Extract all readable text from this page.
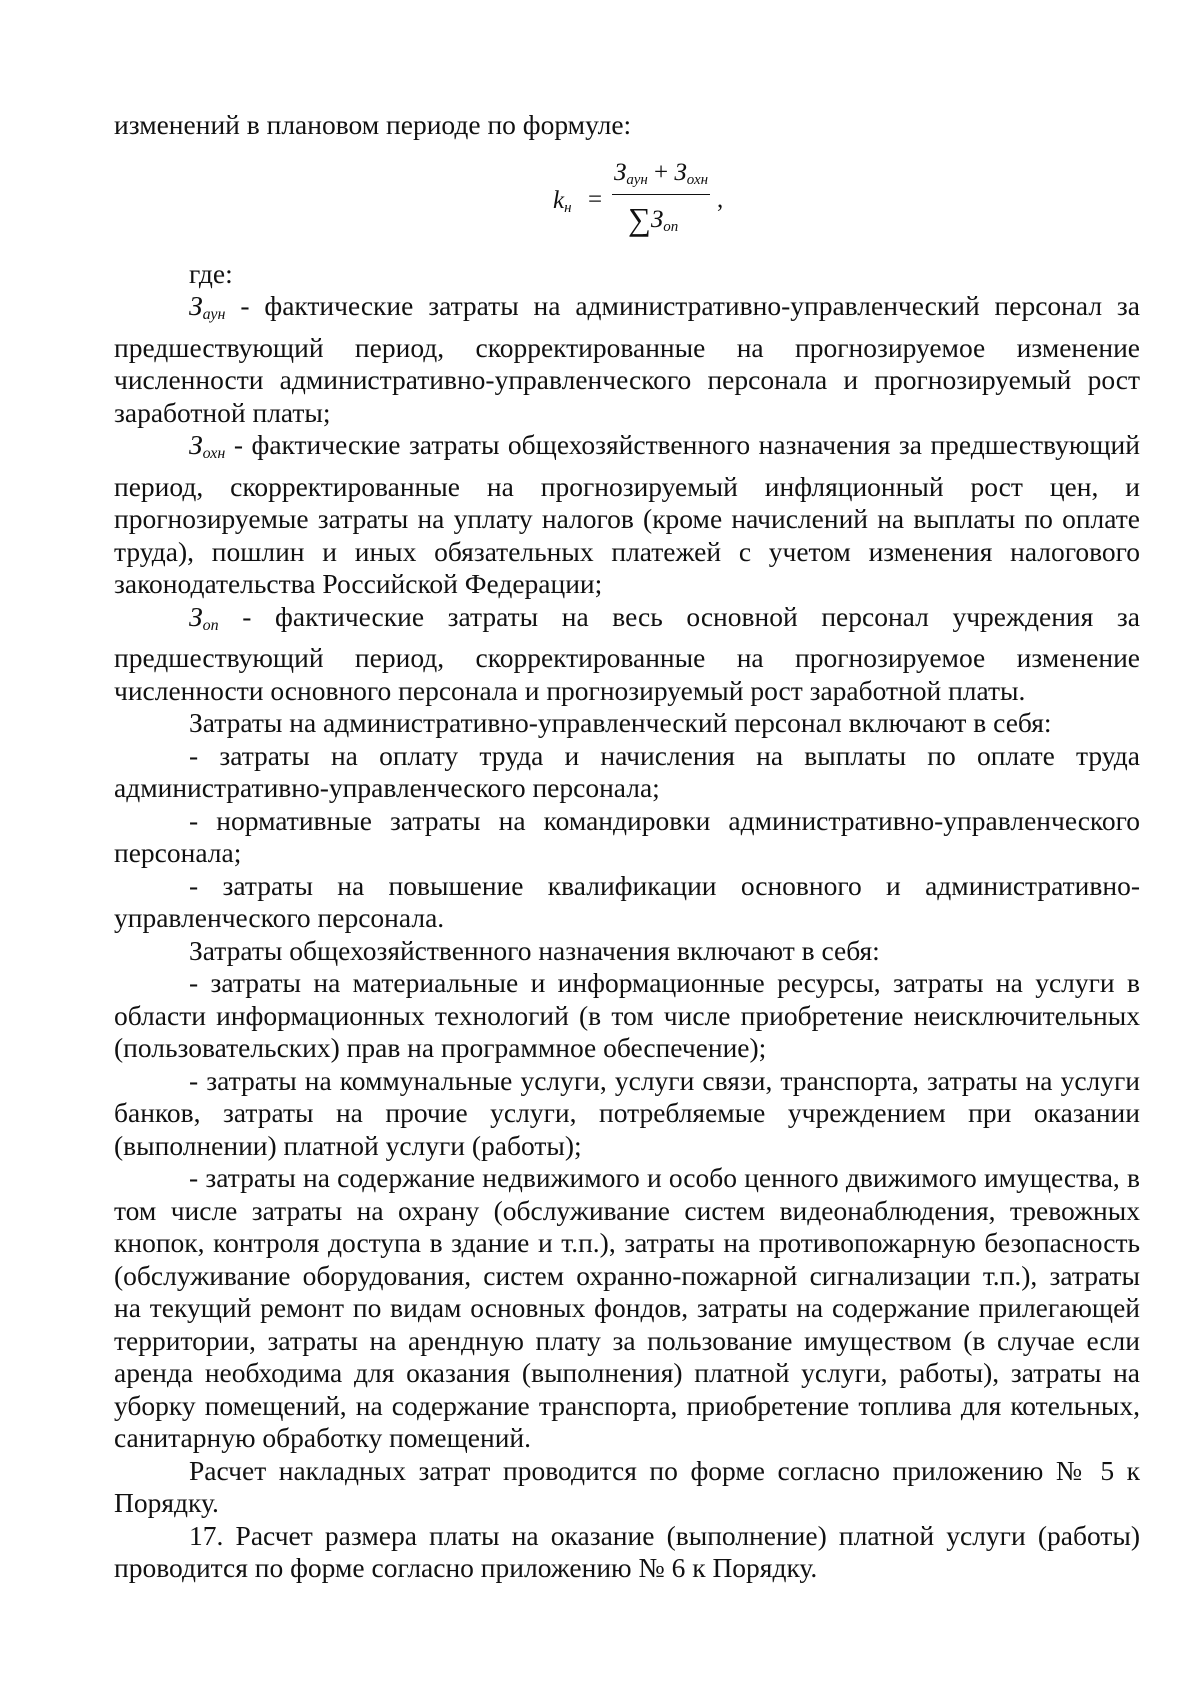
изменений в плановом периоде по формуле:

$k_н$ =
$З_{аун} + З_{охн}$
$\sum З_{оп}$
,

где:

$З_{аун}$ - фактические затраты на административно-управленческий персонал за предшествующий период, скорректированные на прогнозируемое изменение численности административно-управленческого персонала и прогнозируемый рост заработной платы;

$З_{охн}$ - фактические затраты общехозяйственного назначения за предшествующий период, скорректированные на прогнозируемый инфляционный рост цен, и прогнозируемые затраты на уплату налогов (кроме начислений на выплаты по оплате труда), пошлин и иных обязательных платежей с учетом изменения налогового законодательства Российской Федерации;

$З_{оп}$ - фактические затраты на весь основной персонал учреждения за предшествующий период, скорректированные на прогнозируемое изменение численности основного персонала и прогнозируемый рост заработной платы.

Затраты на административно-управленческий персонал включают в себя:

- затраты на оплату труда и начисления на выплаты по оплате труда административно-управленческого персонала;

- нормативные затраты на командировки административно-управленческого персонала;

- затраты на повышение квалификации основного и административно-управленческого персонала.

Затраты общехозяйственного назначения включают в себя:

- затраты на материальные и информационные ресурсы, затраты на услуги в области информационных технологий (в том числе приобретение неисключительных (пользовательских) прав на программное обеспечение);

- затраты на коммунальные услуги, услуги связи, транспорта, затраты на услуги банков, затраты на прочие услуги, потребляемые учреждением при оказании (выполнении) платной услуги (работы);

- затраты на содержание недвижимого и особо ценного движимого имущества, в том числе затраты на охрану (обслуживание систем видеонаблюдения, тревожных кнопок, контроля доступа в здание и т.п.), затраты на противопожарную безопасность (обслуживание оборудования, систем охранно-пожарной сигнализации т.п.), затраты на текущий ремонт по видам основных фондов, затраты на содержание прилегающей территории, затраты на арендную плату за пользование имуществом (в случае если аренда необходима для оказания (выполнения) платной услуги, работы), затраты на уборку помещений, на содержание транспорта, приобретение топлива для котельных, санитарную обработку помещений.

Расчет накладных затрат проводится по форме согласно приложению № 5 к Порядку.

17. Расчет размера платы на оказание (выполнение) платной услуги (работы) проводится по форме согласно приложению № 6 к Порядку.
